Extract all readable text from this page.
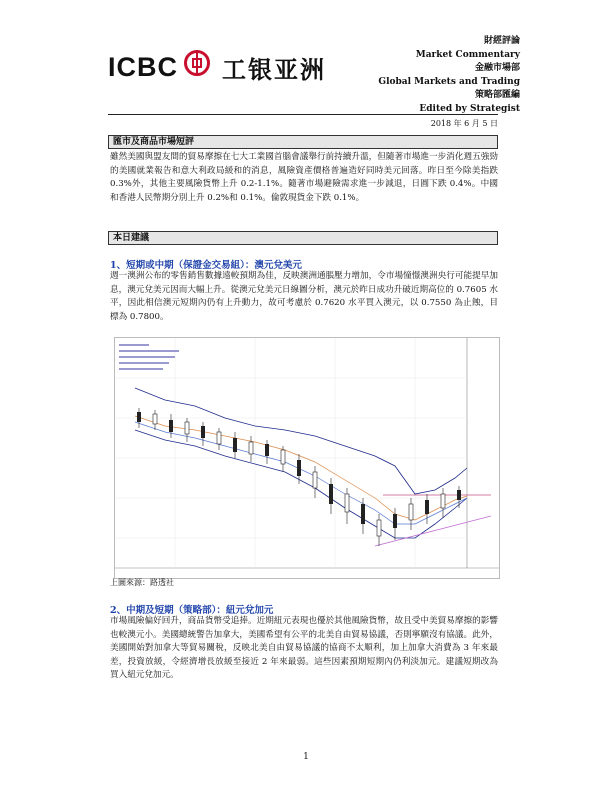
ICBC 工银亚洲
財經評論
Market Commentary
金融市場部
Global Markets and Trading
策略部匯編
Edited by Strategist
2018 年 6 月 5 日
匯市及商品市場短評
雖然美國與盟友間的貿易摩擦在七大工業國首腦會議舉行前持續升溫，但隨著市場進一步消化週五強勁的美國就業報告和意大利政局緩和的消息，風險資產價格普遍造好同時美元回落。昨日至今除美指跌 0.3%外，其他主要風險貨幣上升 0.2-1.1%。隨著市場避險需求進一步減退，日圓下跌 0.4%。中國和香港人民幣期分別上升 0.2%和 0.1%。倫敦現貨金下跌 0.1%。
本日建議
1、短期或中期（保證金交易組）：澳元兌美元
週一澳洲公布的零售銷售數據遠較預期為佳，反映澳洲通脹壓力增加，令市場憧憬澳洲央行可能提早加息，澳元兌美元因而大幅上升。從澳元兌美元日線圖分析，澳元於昨日成功升破近期高位的 0.7605 水平，因此相信澳元短期內仍有上升動力，故可考慮於 0.7620 水平買入澳元，以 0.7550 為止蝕，目標為 0.7800。
上圖來源：路透社
2、中期及短期（策略部）：紐元兌加元
市場風險偏好回升，商品貨幣受追捧。近期紐元表現也優於其他風險貨幣，故且受中美貿易摩擦的影響也較澳元小。美國總統警告加拿大，美國希望有公平的北美自由貿易協議，否則寧願沒有協議。此外，美國開始對加拿大等貿易關稅，反映北美自由貿易協議的協商不太順利，加上加拿大消費為 3 年來最差，投資放緩，令經濟增長放緩至接近 2 年來最弱。這些因素預期短期內仍利淡加元。建議短期改為買入紐元兌加元。
1
